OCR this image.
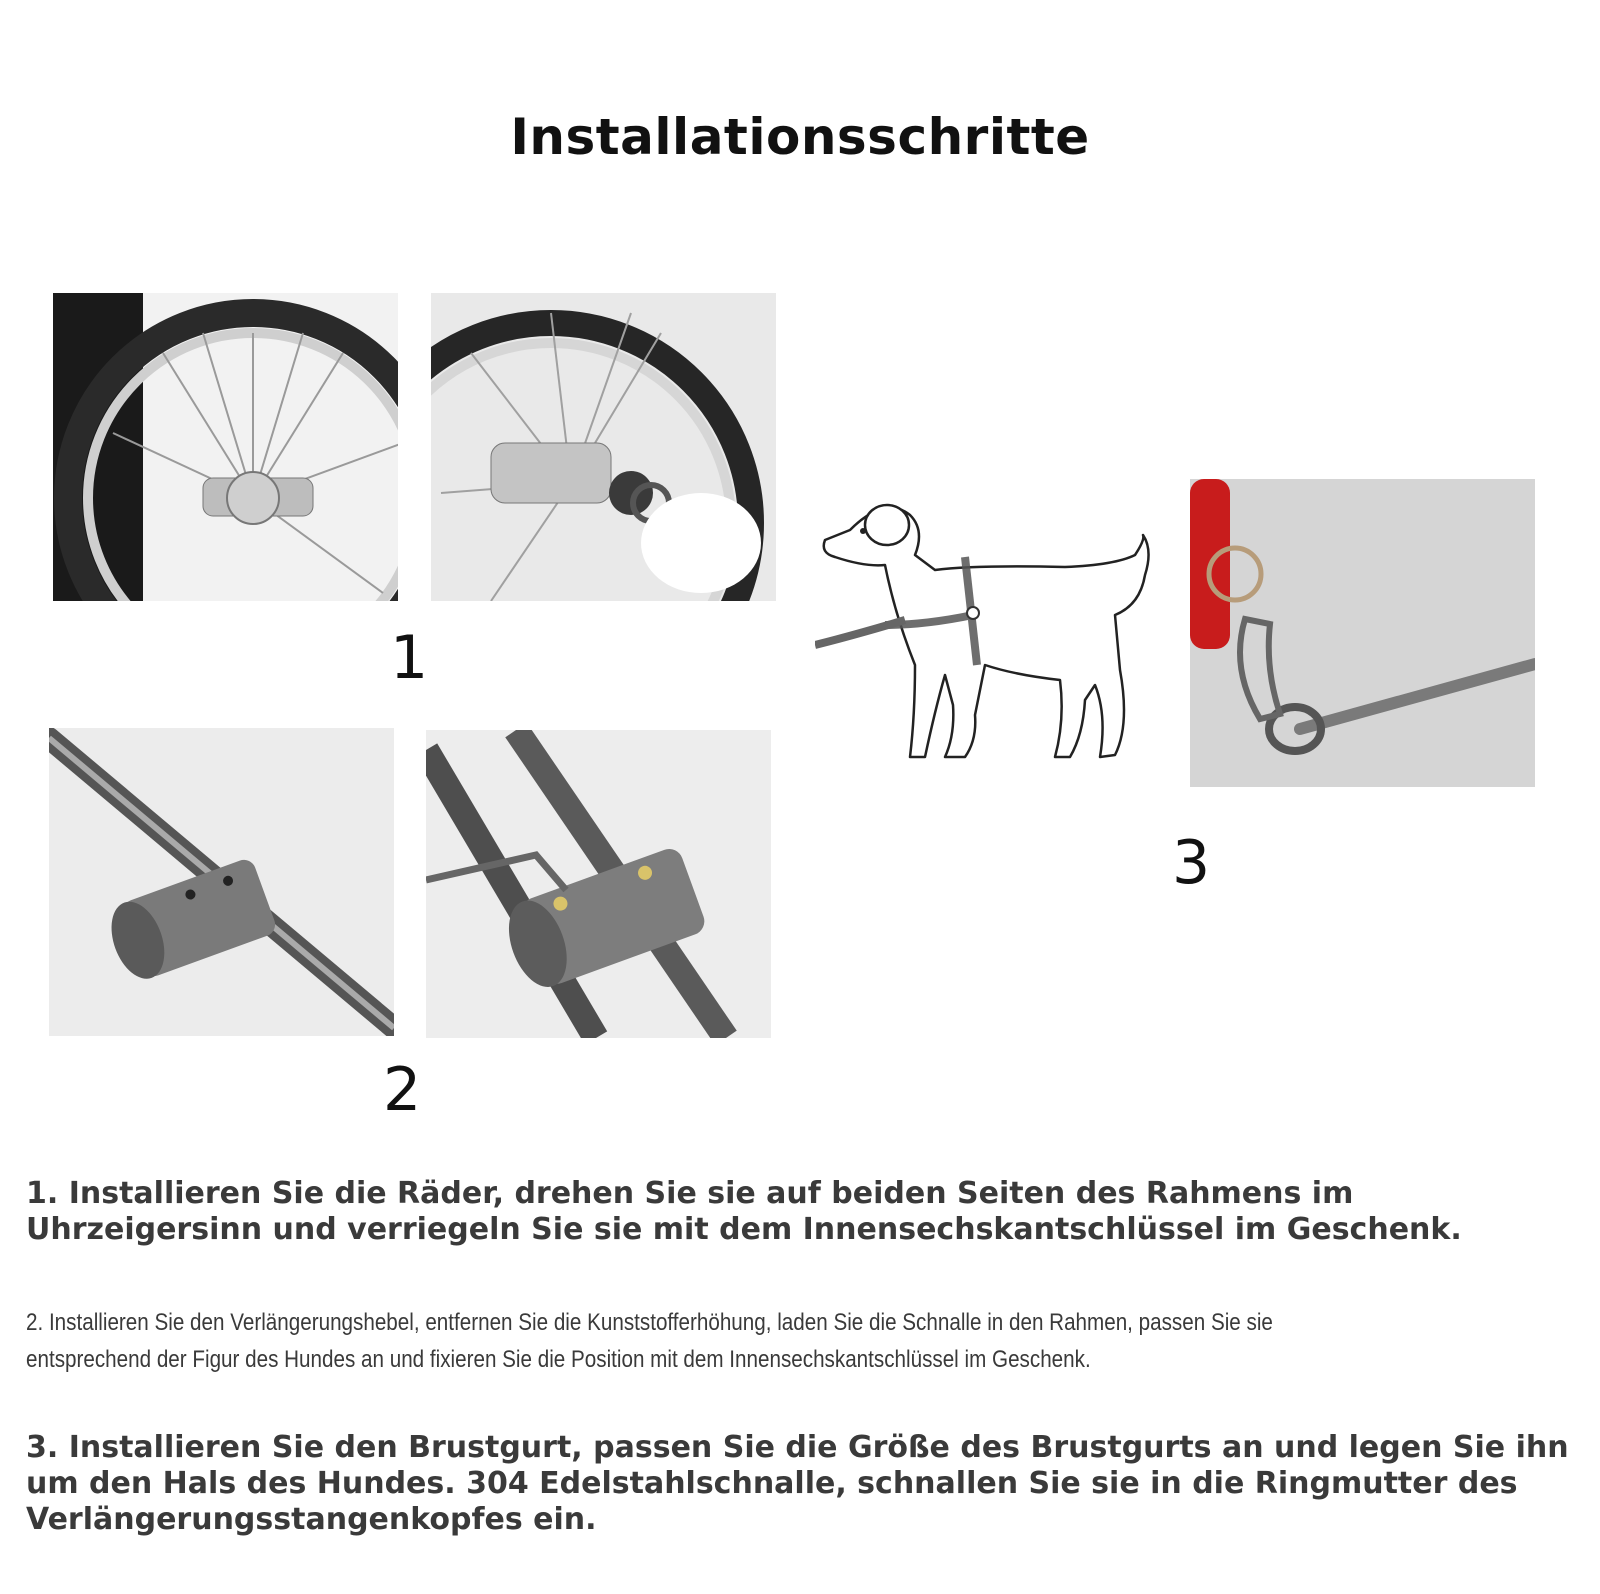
Installationsschritte
1
2
3
1. Installieren Sie die Räder, drehen Sie sie auf beiden Seiten des Rahmens im Uhrzeigersinn und verriegeln Sie sie mit dem Innensechskantschlüssel im Geschenk.
2. Installieren Sie den Verlängerungshebel, entfernen Sie die Kunststofferhöhung, laden Sie die Schnalle in den Rahmen, passen Sie sie entsprechend der Figur des Hundes an und fixieren Sie die Position mit dem Innensechskantschlüssel im Geschenk.
3. Installieren Sie den Brustgurt, passen Sie die Größe des Brustgurts an und legen Sie ihn um den Hals des Hundes. 304 Edelstahlschnalle, schnallen Sie sie in die Ringmutter des Verlängerungsstangenkopfes ein.
